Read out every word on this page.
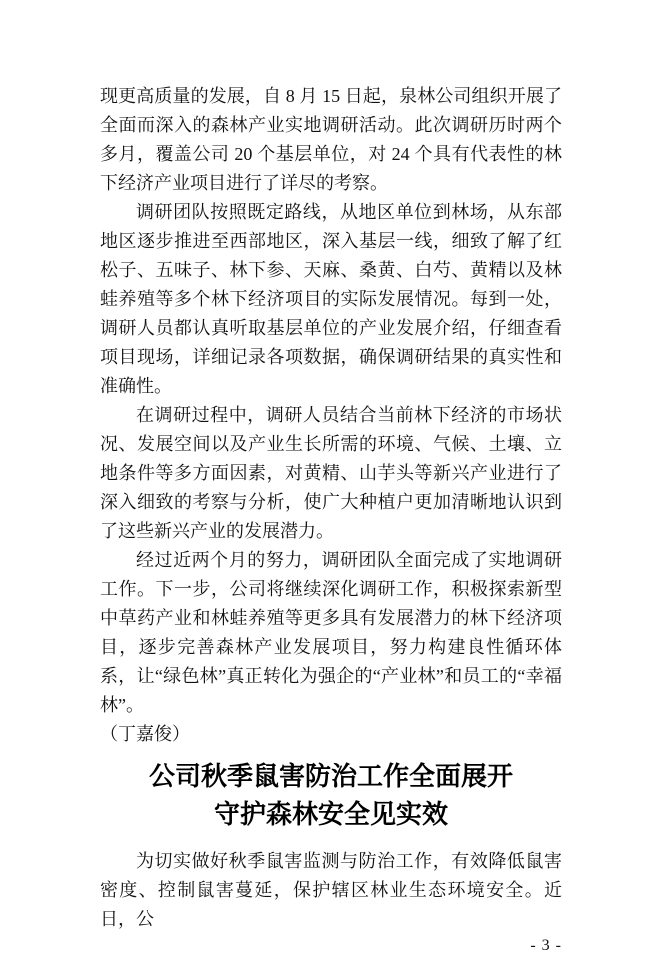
现更高质量的发展，自 8 月 15 日起，泉林公司组织开展了全面而深入的森林产业实地调研活动。此次调研历时两个多月，覆盖公司 20 个基层单位，对 24 个具有代表性的林下经济产业项目进行了详尽的考察。

调研团队按照既定路线，从地区单位到林场，从东部地区逐步推进至西部地区，深入基层一线，细致了解了红松子、五味子、林下参、天麻、桑黄、白芍、黄精以及林蛙养殖等多个林下经济项目的实际发展情况。每到一处，调研人员都认真听取基层单位的产业发展介绍，仔细查看项目现场，详细记录各项数据，确保调研结果的真实性和准确性。

在调研过程中，调研人员结合当前林下经济的市场状况、发展空间以及产业生长所需的环境、气候、土壤、立地条件等多方面因素，对黄精、山芋头等新兴产业进行了深入细致的考察与分析，使广大种植户更加清晰地认识到了这些新兴产业的发展潜力。

经过近两个月的努力，调研团队全面完成了实地调研工作。下一步，公司将继续深化调研工作，积极探索新型中草药产业和林蛙养殖等更多具有发展潜力的林下经济项目，逐步完善森林产业发展项目，努力构建良性循环体系，让“绿色林”真正转化为强企的“产业林”和员工的“幸福林”。

（丁嘉俊）

公司秋季鼠害防治工作全面展开
守护森林安全见实效

为切实做好秋季鼠害监测与防治工作，有效降低鼠害密度、控制鼠害蔓延，保护辖区林业生态环境安全。近日，公

- 3 -
